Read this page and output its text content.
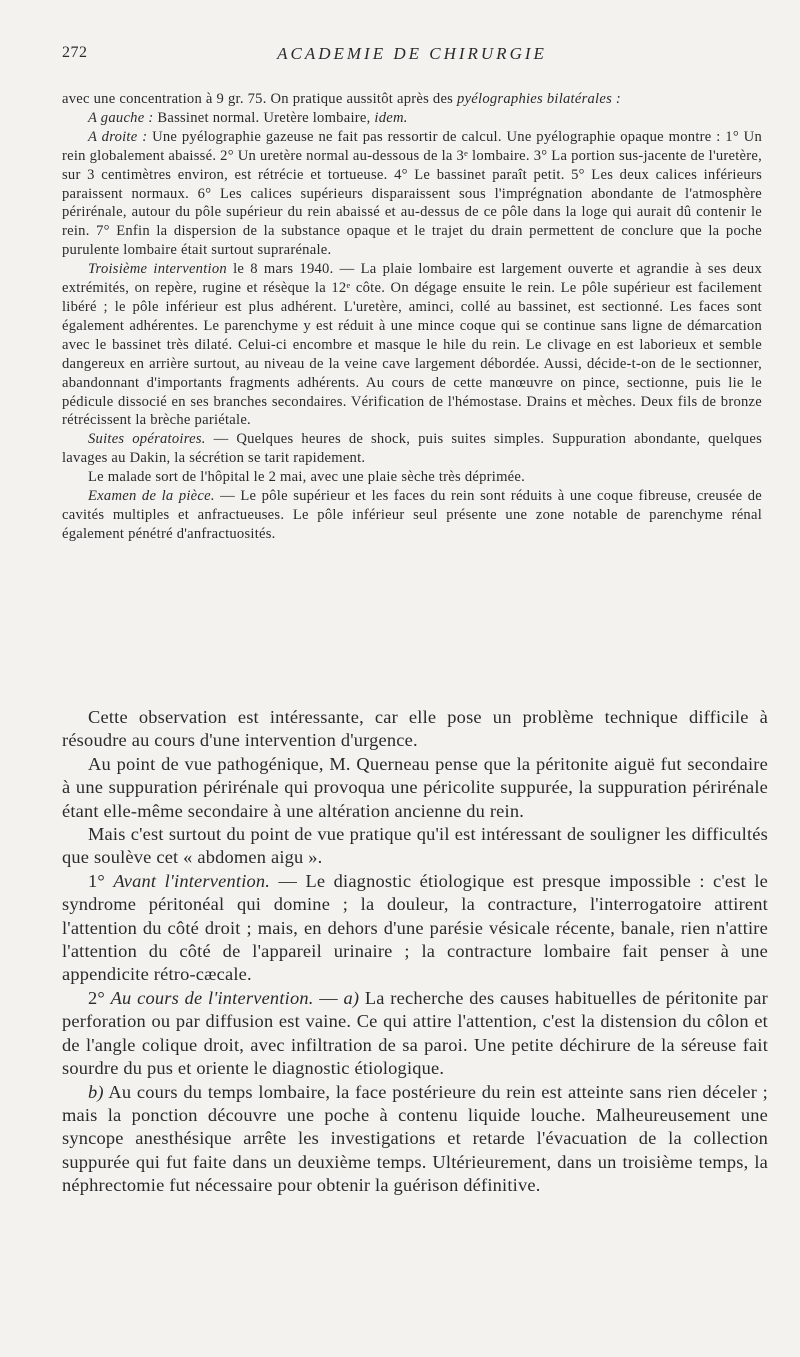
272	ACADEMIE DE CHIRURGIE

avec une concentration à 9 gr. 75. On pratique aussitôt après des pyélographies bilatérales :

A gauche : Bassinet normal. Uretère lombaire, idem.

A droite : Une pyélographie gazeuse ne fait pas ressortir de calcul. Une pyélographie opaque montre : 1° Un rein globalement abaissé. 2° Un uretère normal au-dessous de la 3ᵉ lombaire. 3° La portion sus-jacente de l'uretère, sur 3 centimètres environ, est rétrécie et tortueuse. 4° Le bassinet paraît petit. 5° Les deux calices inférieurs paraissent normaux. 6° Les calices supérieurs disparaissent sous l'imprégnation abondante de l'atmosphère périrénale, autour du pôle supérieur du rein abaissé et au-dessus de ce pôle dans la loge qui aurait dû contenir le rein. 7° Enfin la dispersion de la substance opaque et le trajet du drain permettent de conclure que la poche purulente lombaire était surtout suprarénale.

Troisième intervention le 8 mars 1940. — La plaie lombaire est largement ouverte et agrandie à ses deux extrémités, on repère, rugine et résèque la 12ᵉ côte. On dégage ensuite le rein. Le pôle supérieur est facilement libéré ; le pôle inférieur est plus adhérent. L'uretère, aminci, collé au bassinet, est sectionné. Les faces sont également adhérentes. Le parenchyme y est réduit à une mince coque qui se continue sans ligne de démarcation avec le bassinet très dilaté. Celui-ci encombre et masque le hile du rein. Le clivage en est laborieux et semble dangereux en arrière surtout, au niveau de la veine cave largement débordée. Aussi, décide-t-on de le sectionner, abandonnant d'importants fragments adhérents. Au cours de cette manœuvre on pince, sectionne, puis lie le pédicule dissocié en ses branches secondaires. Vérification de l'hémostase. Drains et mèches. Deux fils de bronze rétrécissent la brèche pariétale.

Suites opératoires. — Quelques heures de shock, puis suites simples. Suppuration abondante, quelques lavages au Dakin, la sécrétion se tarit rapidement.

Le malade sort de l'hôpital le 2 mai, avec une plaie sèche très déprimée.

Examen de la pièce. — Le pôle supérieur et les faces du rein sont réduits à une coque fibreuse, creusée de cavités multiples et anfractueuses. Le pôle inférieur seul présente une zone notable de parenchyme rénal également pénétré d'anfractuosités.

Cette observation est intéressante, car elle pose un problème technique difficile à résoudre au cours d'une intervention d'urgence.

Au point de vue pathogénique, M. Querneau pense que la péritonite aiguë fut secondaire à une suppuration périrénale qui provoqua une péricolite suppurée, la suppuration périrénale étant elle-même secondaire à une altération ancienne du rein.

Mais c'est surtout du point de vue pratique qu'il est intéressant de souligner les difficultés que soulève cet « abdomen aigu ».

1° Avant l'intervention. — Le diagnostic étiologique est presque impossible : c'est le syndrome péritonéal qui domine ; la douleur, la contracture, l'interrogatoire attirent l'attention du côté droit ; mais, en dehors d'une parésie vésicale récente, banale, rien n'attire l'attention du côté de l'appareil urinaire ; la contracture lombaire fait penser à une appendicite rétro-cæcale.

2° Au cours de l'intervention. — a) La recherche des causes habituelles de péritonite par perforation ou par diffusion est vaine. Ce qui attire l'attention, c'est la distension du côlon et de l'angle colique droit, avec infiltration de sa paroi. Une petite déchirure de la séreuse fait sourdre du pus et oriente le diagnostic étiologique.

b) Au cours du temps lombaire, la face postérieure du rein est atteinte sans rien déceler ; mais la ponction découvre une poche à contenu liquide louche. Malheureusement une syncope anesthésique arrête les investigations et retarde l'évacuation de la collection suppurée qui fut faite dans un deuxième temps. Ultérieurement, dans un troisième temps, la néphrectomie fut nécessaire pour obtenir la guérison définitive.
